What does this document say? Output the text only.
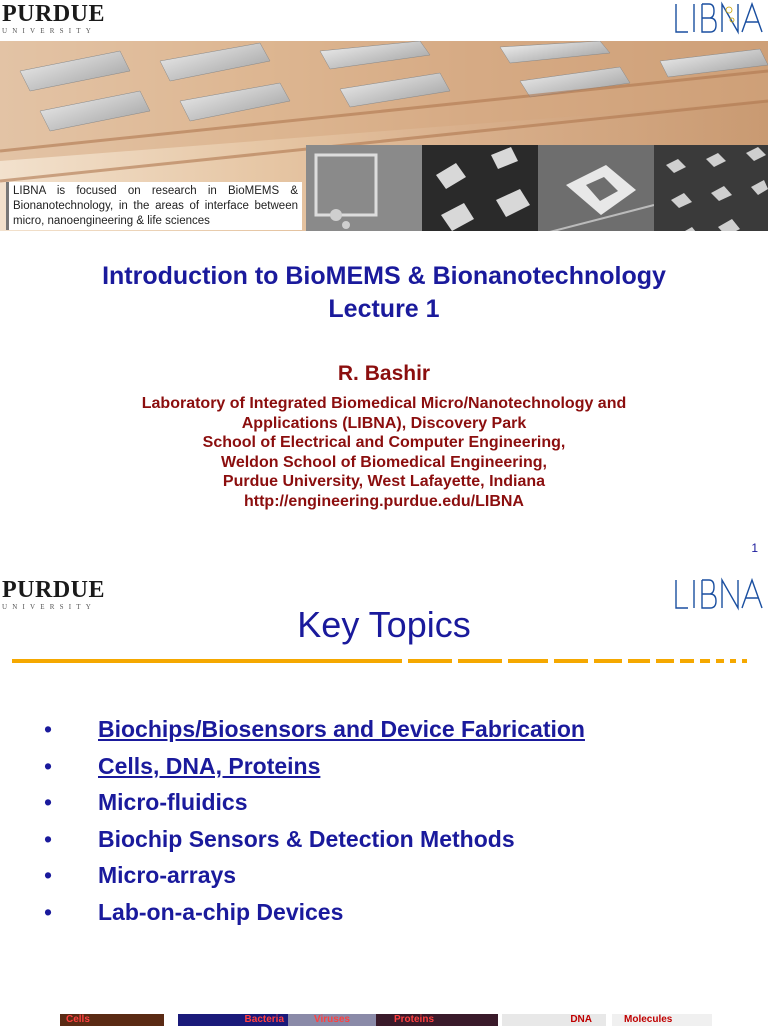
PURDUE
UNIVERSITY
LIBNA is focused on research in BioMEMS & Bionanotechnology, in the areas of interface between micro, nanoengineering & life sciences
Introduction to BioMEMS & Bionanotechnology
Lecture 1
R. Bashir
Laboratory of Integrated Biomedical Micro/Nanotechnology and
Applications (LIBNA), Discovery Park
School of Electrical and Computer Engineering,
Weldon School of Biomedical Engineering,
Purdue University, West Lafayette, Indiana
http://engineering.purdue.edu/LIBNA
1
PURDUE
UNIVERSITY	Key Topics
• Biochips/Biosensors and Device Fabrication
• Cells, DNA, Proteins
• Micro-fluidics
• Biochip Sensors & Detection Methods
• Micro-arrays
• Lab-on-a-chip Devices
Cells	Bacteria	Viruses	Proteins	DNA	Molecules
